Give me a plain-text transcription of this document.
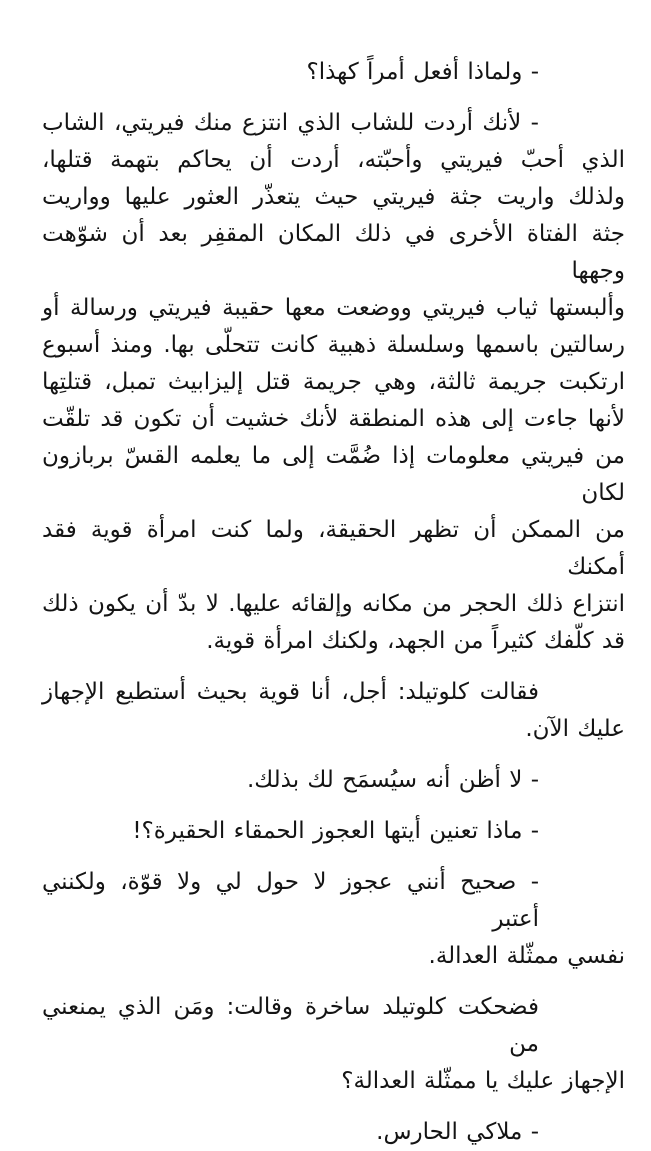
- ولماذا أفعل أمراً كهذا؟
- لأنك أردت للشاب الذي انتزع منك فيريتي، الشاب
الذي أحبّ فيريتي وأحبّته، أردت أن يحاكم بتهمة قتلها،
ولذلك واريت جثة فيريتي حيث يتعذّر العثور عليها وواريت
جثة الفتاة الأخرى في ذلك المكان المقفِر بعد أن شوّهت وجهها
وألبستها ثياب فيريتي ووضعت معها حقيبة فيريتي ورسالة أو
رسالتين باسمها وسلسلة ذهبية كانت تتحلّى بها. ومنذ أسبوع
ارتكبت جريمة ثالثة، وهي جريمة قتل إليزابيث تمبل، قتلتِها
لأنها جاءت إلى هذه المنطقة لأنك خشيت أن تكون قد تلقّت
من فيريتي معلومات إذا ضُمَّت إلى ما يعلمه القسّ بربازون لكان
من الممكن أن تظهر الحقيقة، ولما كنت امرأة قوية فقد أمكنك
انتزاع ذلك الحجر من مكانه وإلقائه عليها. لا بدّ أن يكون ذلك
قد كلّفك كثيراً من الجهد، ولكنك امرأة قوية.
فقالت كلوتيلد: أجل، أنا قوية بحيث أستطيع الإجهاز
عليك الآن.
- لا أظن أنه سيُسمَح لك بذلك.
- ماذا تعنين أيتها العجوز الحمقاء الحقيرة؟!
- صحيح أنني عجوز لا حول لي ولا قوّة، ولكنني أعتبر
نفسي ممثّلة العدالة.
فضحكت كلوتيلد ساخرة وقالت: ومَن الذي يمنعني من
الإجهاز عليك يا ممثّلة العدالة؟
- ملاكي الحارس.
